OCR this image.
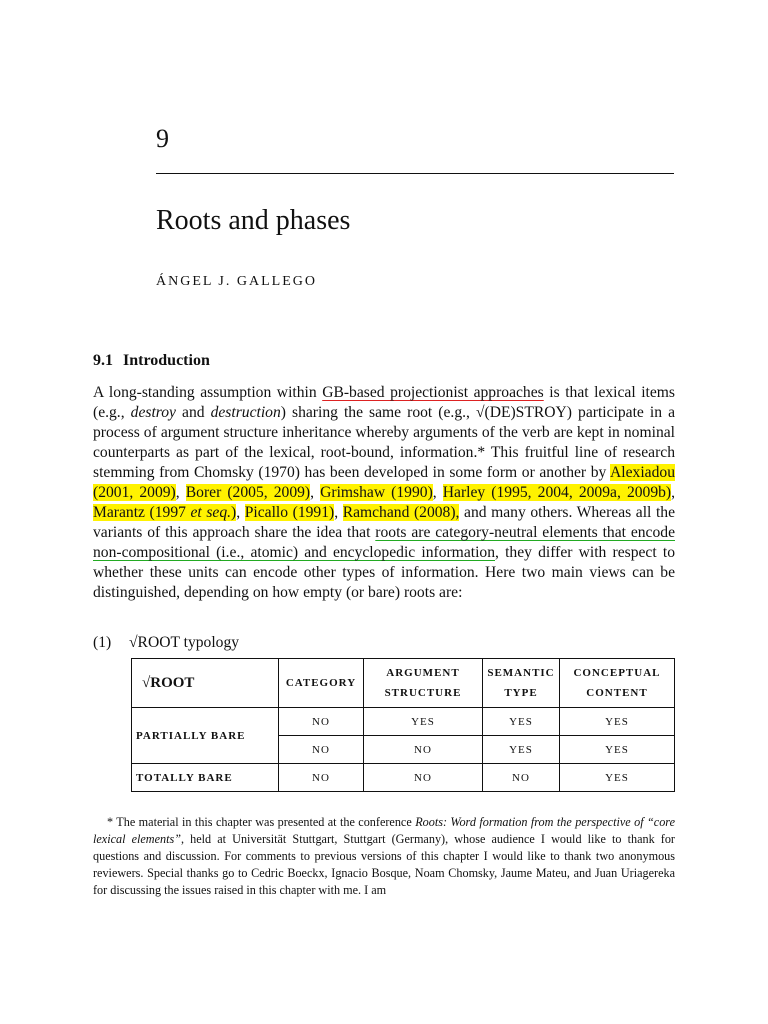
9
Roots and phases
ÁNGEL J. GALLEGO
9.1 Introduction

A long-standing assumption within GB-based projectionist approaches is that lexical items (e.g., destroy and destruction) sharing the same root (e.g., √(DE)STROY) participate in a process of argument structure inheritance whereby arguments of the verb are kept in nominal counterparts as part of the lexical, root-bound, information.* This fruitful line of research stemming from Chomsky (1970) has been developed in some form or another by Alexiadou (2001, 2009), Borer (2005, 2009), Grimshaw (1990), Harley (1995, 2004, 2009a, 2009b), Marantz (1997 et seq.), Picallo (1991), Ramchand (2008), and many others. Whereas all the variants of this approach share the idea that roots are category-neutral elements that encode non-compositional (i.e., atomic) and encyclopedic information, they differ with respect to whether these units can encode other types of information. Here two main views can be distinguished, depending on how empty (or bare) roots are:

(1) √ROOT typology
√ROOT	CATEGORY	ARGUMENT STRUCTURE	SEMANTIC TYPE	CONCEPTUAL CONTENT
PARTIALLY BARE	NO	YES	YES	YES
	NO	NO	YES	YES
TOTALLY BARE	NO	NO	NO	YES

* The material in this chapter was presented at the conference Roots: Word formation from the perspective of “core lexical elements”, held at Universität Stuttgart, Stuttgart (Germany), whose audience I would like to thank for questions and discussion. For comments to previous versions of this chapter I would like to thank two anonymous reviewers. Special thanks go to Cedric Boeckx, Ignacio Bosque, Noam Chomsky, Jaume Mateu, and Juan Uriagereka for discussing the issues raised in this chapter with me. I am
